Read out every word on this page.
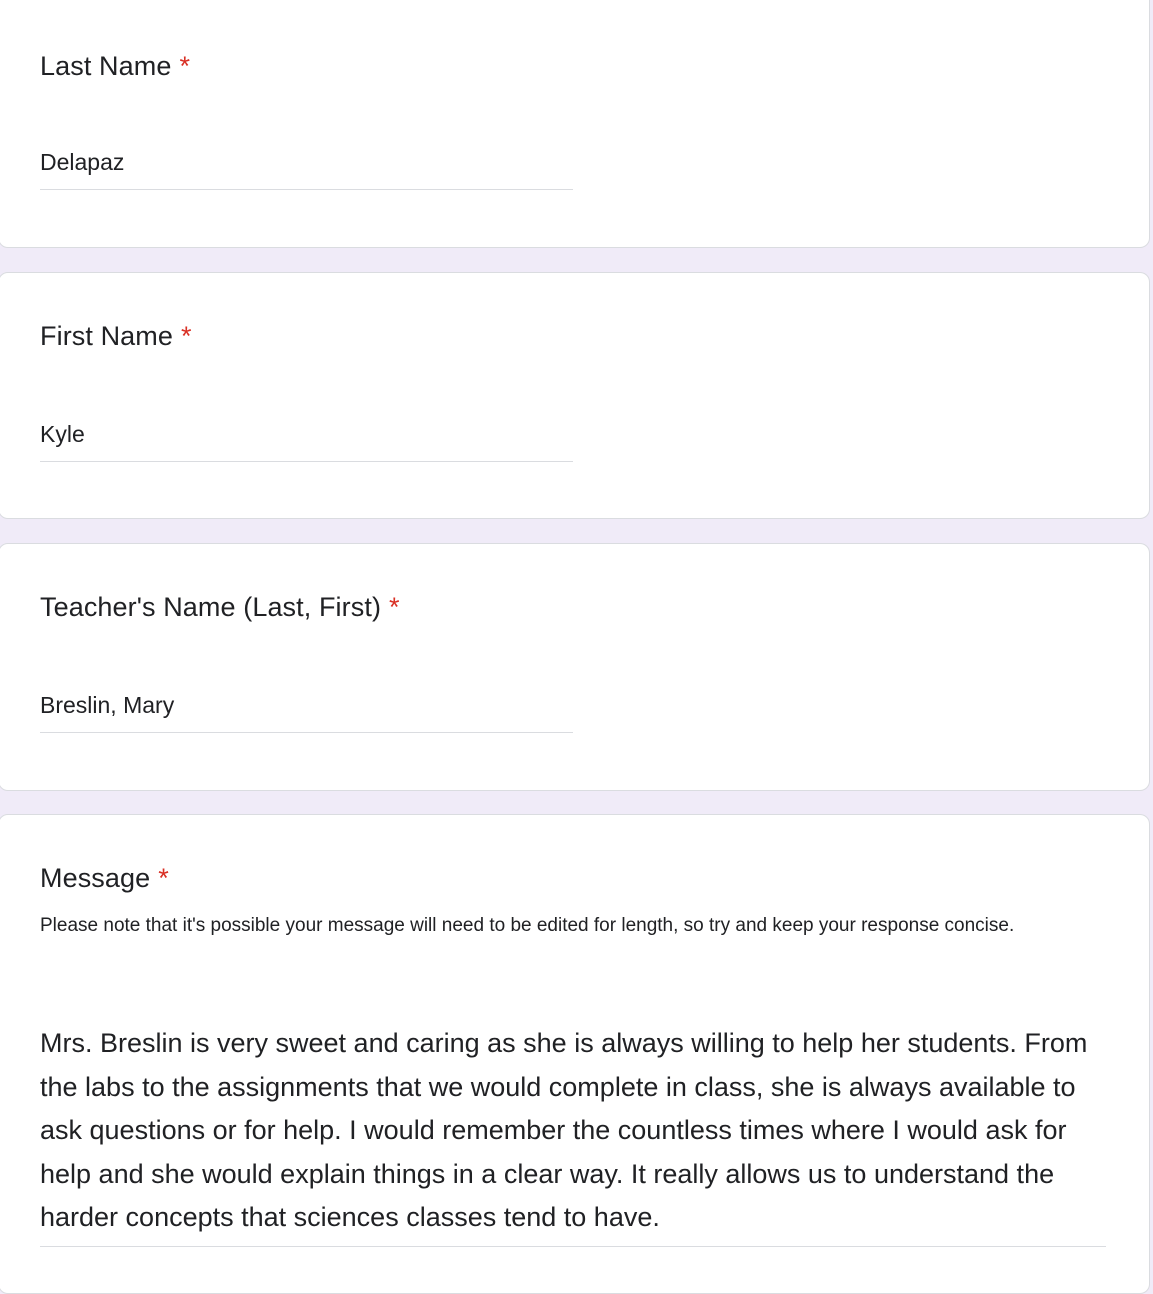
Last Name *
Delapaz
First Name *
Kyle
Teacher's Name (Last, First) *
Breslin, Mary
Message *
Please note that it's possible your message will need to be edited for length, so try and keep your response concise.
Mrs. Breslin is very sweet and caring as she is always willing to help her students. From the labs to the assignments that we would complete in class, she is always available to ask questions or for help. I would remember the countless times where I would ask for help and she would explain things in a clear way. It really allows us to understand the harder concepts that sciences classes tend to have.
